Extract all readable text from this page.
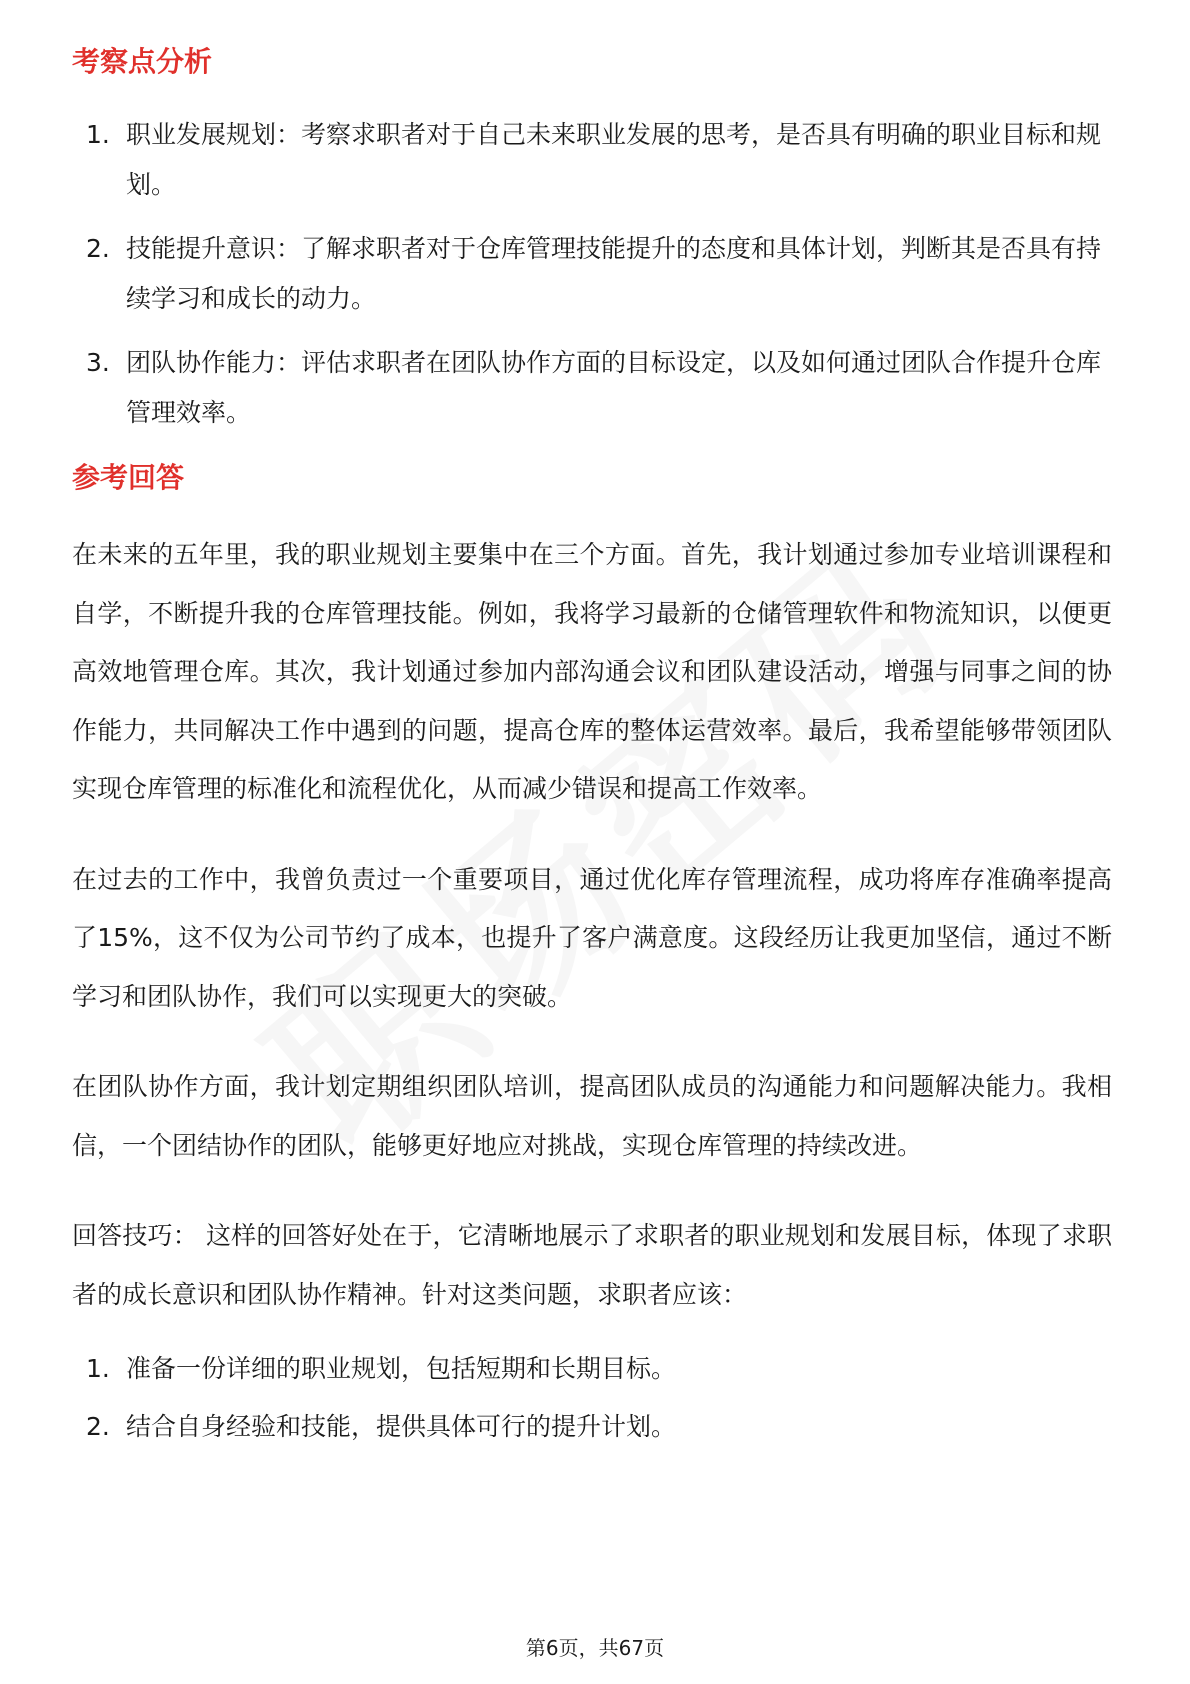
考察点分析
1. 职业发展规划：考察求职者对于自己未来职业发展的思考，是否具有明确的职业目标和规划。
2. 技能提升意识：了解求职者对于仓库管理技能提升的态度和具体计划，判断其是否具有持续学习和成长的动力。
3. 团队协作能力：评估求职者在团队协作方面的目标设定，以及如何通过团队合作提升仓库管理效率。
参考回答

在未来的五年里，我的职业规划主要集中在三个方面。首先，我计划通过参加专业培训课程和自学，不断提升我的仓库管理技能。例如，我将学习最新的仓储管理软件和物流知识，以便更高效地管理仓库。其次，我计划通过参加内部沟通会议和团队建设活动，增强与同事之间的协作能力，共同解决工作中遇到的问题，提高仓库的整体运营效率。最后，我希望能够带领团队实现仓库管理的标准化和流程优化，从而减少错误和提高工作效率。

在过去的工作中，我曾负责过一个重要项目，通过优化库存管理流程，成功将库存准确率提高了15%，这不仅为公司节约了成本，也提升了客户满意度。这段经历让我更加坚信，通过不断学习和团队协作，我们可以实现更大的突破。

在团队协作方面，我计划定期组织团队培训，提高团队成员的沟通能力和问题解决能力。我相信，一个团结协作的团队，能够更好地应对挑战，实现仓库管理的持续改进。

回答技巧： 这样的回答好处在于，它清晰地展示了求职者的职业规划和发展目标，体现了求职者的成长意识和团队协作精神。针对这类问题，求职者应该：

1. 准备一份详细的职业规划，包括短期和长期目标。
2. 结合自身经验和技能，提供具体可行的提升计划。
第6页，共67页
